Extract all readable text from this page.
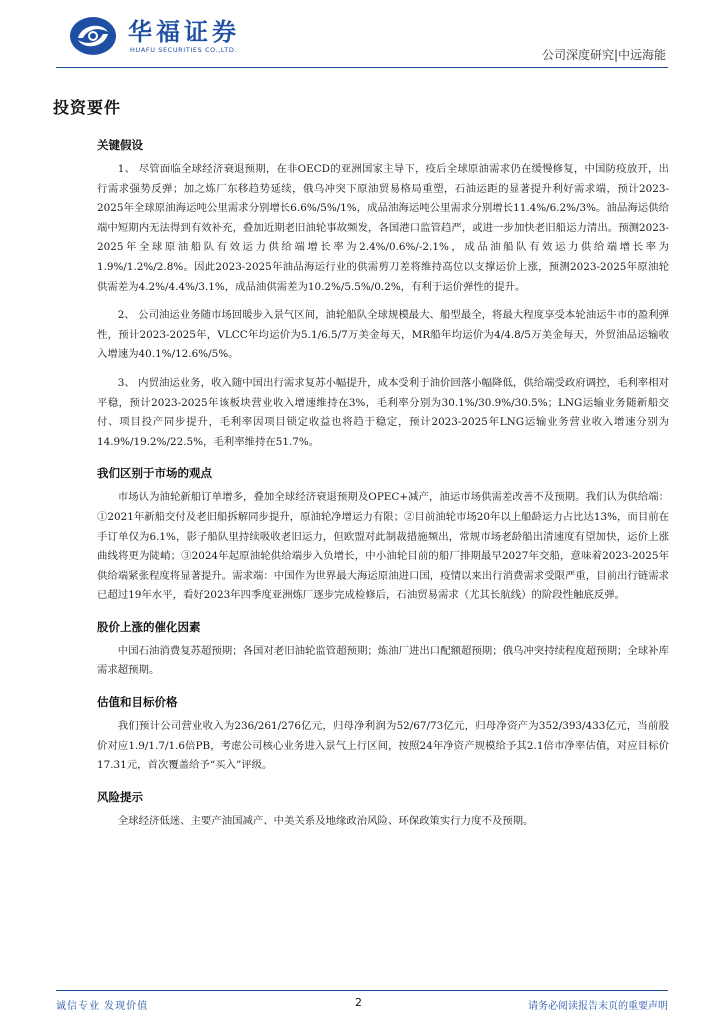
华福证券
HUAFU SECURITIES CO.,LTD.	公司深度研究|中远海能
投资要件
关键假设

1、 尽管面临全球经济衰退预期，在非OECD的亚洲国家主导下，疫后全球原油需求仍在缓慢修复，中国防疫放开，出行需求强势反弹；加之炼厂东移趋势延续，俄乌冲突下原油贸易格局重塑，石油运距的显著提升利好需求端，预计2023-2025年全球原油海运吨公里需求分别增长6.6%/5%/1%，成品油海运吨公里需求分别增长11.4%/6.2%/3%。油品海运供给端中短期内无法得到有效补充，叠加近期老旧油轮事故频发，各国港口监管趋严，或进一步加快老旧船运力清出。预测2023-2025年全球原油船队有效运力供给端增长率为2.4%/0.6%/-2.1%，成品油船队有效运力供给端增长率为1.9%/1.2%/2.8%。因此2023-2025年油品海运行业的供需剪刀差将维持高位以支撑运价上涨，预测2023-2025年原油轮供需差为4.2%/4.4%/3.1%，成品油供需差为10.2%/5.5%/0.2%，有利于运价弹性的提升。

2、 公司油运业务随市场回暖步入景气区间，油轮船队全球规模最大、船型最全，将最大程度享受本轮油运牛市的盈利弹性，预计2023-2025年，VLCC年均运价为5.1/6.5/7万美金每天，MR船年均运价为4/4.8/5万美金每天，外贸油品运输收入增速为40.1%/12.6%/5%。

3、 内贸油运业务，收入随中国出行需求复苏小幅提升，成本受利于油价回落小幅降低，供给端受政府调控，毛利率相对平稳，预计2023-2025年该板块营业收入增速维持在3%，毛利率分别为30.1%/30.9%/30.5%；LNG运输业务随新船交付、项目投产同步提升，毛利率因项目锁定收益也将趋于稳定，预计2023-2025年LNG运输业务营业收入增速分别为14.9%/19.2%/22.5%，毛利率维持在51.7%。

我们区别于市场的观点

市场认为油轮新船订单增多，叠加全球经济衰退预期及OPEC+减产，油运市场供需差改善不及预期。我们认为供给端：①2021年新船交付及老旧船拆解同步提升，原油轮净增运力有限；②目前油轮市场20年以上船龄运力占比达13%，而目前在手订单仅为6.1%，影子船队里持续吸收老旧运力，但欧盟对此制裁措施频出，常规市场老龄船出清速度有望加快，运价上涨曲线将更为陡峭；③2024年起原油轮供给端步入负增长，中小油轮目前的船厂排期最早2027年交船，意味着2023-2025年供给端紧张程度将显著提升。需求端：中国作为世界最大海运原油进口国，疫情以来出行消费需求受限严重，目前出行链需求已超过19年水平，看好2023年四季度亚洲炼厂逐步完成检修后，石油贸易需求（尤其长航线）的阶段性触底反弹。

股价上涨的催化因素

中国石油消费复苏超预期；各国对老旧油轮监管超预期；炼油厂进出口配额超预期；俄乌冲突持续程度超预期；全球补库需求超预期。

估值和目标价格

我们预计公司营业收入为236/261/276亿元，归母净利润为52/67/73亿元，归母净资产为352/393/433亿元，当前股价对应1.9/1.7/1.6倍PB，考虑公司核心业务进入景气上行区间，按照24年净资产规模给予其2.1倍市净率估值，对应目标价17.31元，首次覆盖给予“买入”评级。

风险提示

全球经济低迷、主要产油国减产、中美关系及地缘政治风险、环保政策实行力度不及预期。

诚信专业 发现价值	2	请务必阅读报告末页的重要声明
